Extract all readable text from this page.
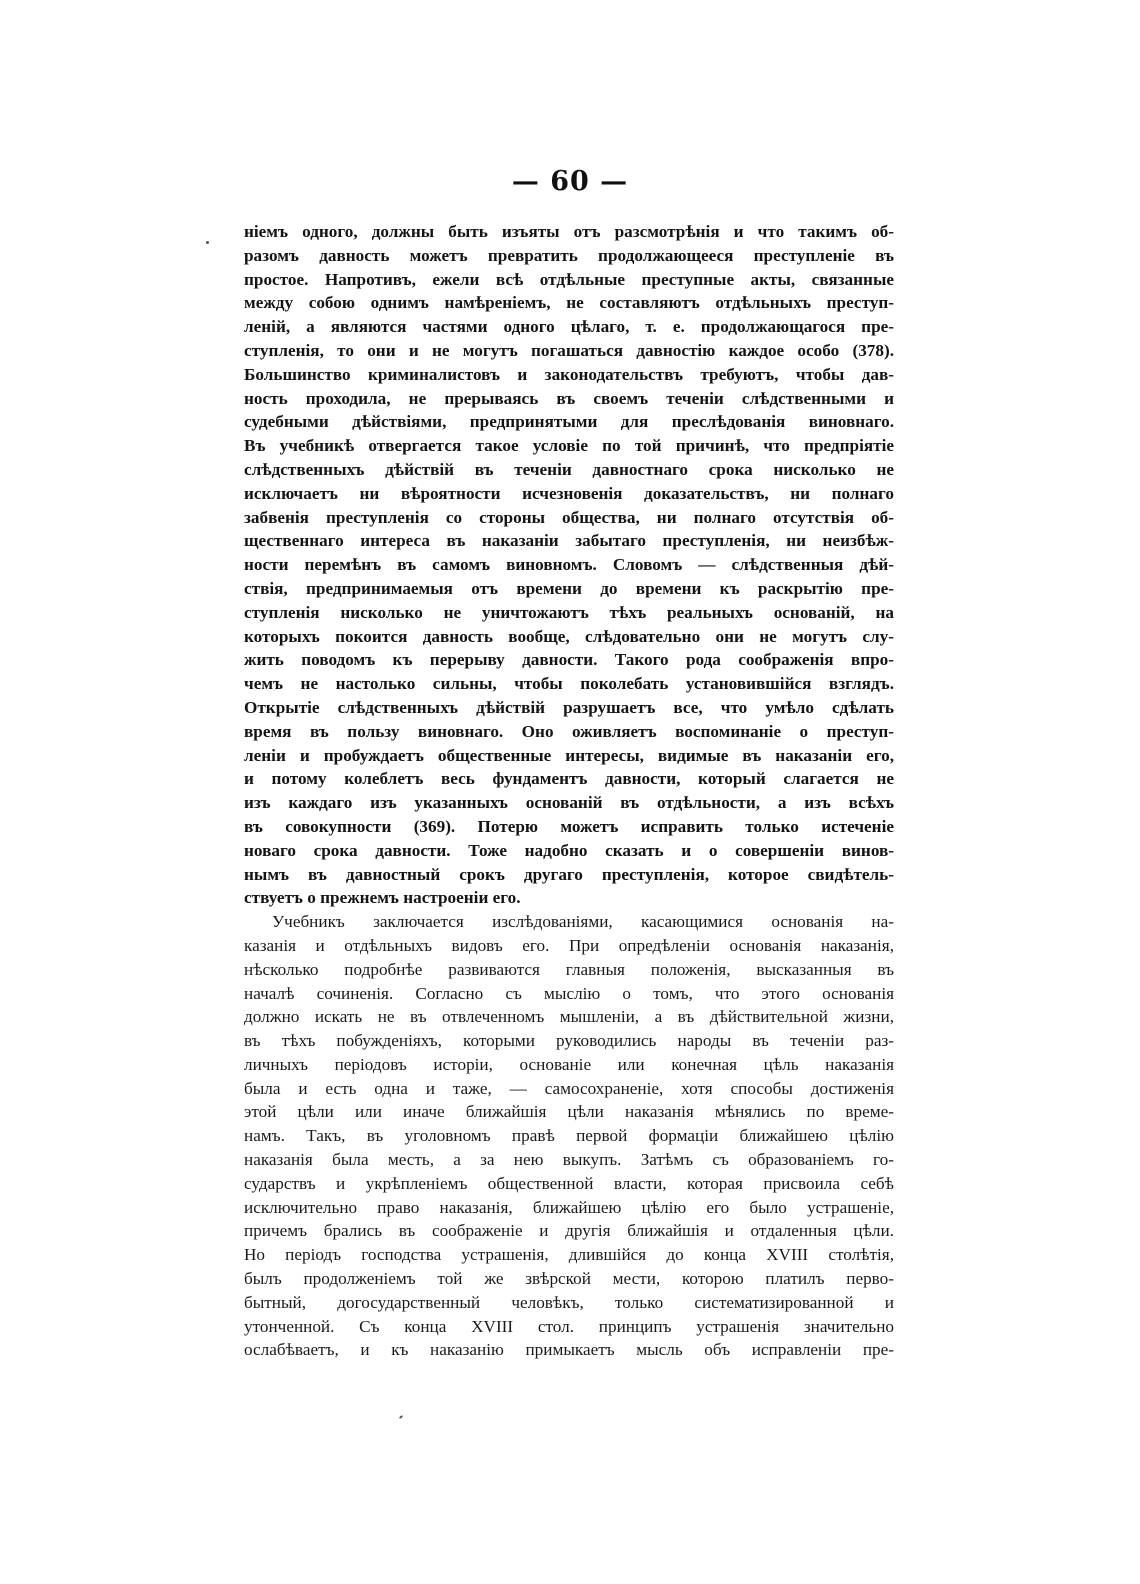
— 60 —
ніемъ одного, должны быть изъяты отъ разсмотрѣнія и что такимъ об-
разомъ давность можетъ превратить продолжающееся преступленіе въ
простое. Напротивъ, ежели всѣ отдѣльные преступные акты, связанные
между собою однимъ намѣреніемъ, не составляютъ отдѣльныхъ преступ-
леній, а являются частями одного цѣлаго, т. е. продолжающагося пре-
ступленія, то они и не могутъ погашаться давностію каждое особо (378).
Большинство криминалистовъ и законодательствъ требуютъ, чтобы дав-
ность проходила, не прерываясь въ своемъ теченіи слѣдственными и
судебными дѣйствіями, предпринятыми для преслѣдованія виновнаго.
Въ учебникѣ отвергается такое условіе по той причинѣ, что предпріятіе
слѣдственныхъ дѣйствій въ теченіи давностнаго срока нисколько не
исключаетъ ни вѣроятности исчезновенія доказательствъ, ни полнаго
забвенія преступленія со стороны общества, ни полнаго отсутствія об-
щественнаго интереса въ наказаніи забытаго преступленія, ни неизбѣж-
ности перемѣнъ въ самомъ виновномъ. Словомъ — слѣдственныя дѣй-
ствія, предпринимаемыя отъ времени до времени къ раскрытію пре-
ступленія нисколько не уничтожаютъ тѣхъ реальныхъ основаній, на
которыхъ покоится давность вообще, слѣдовательно они не могутъ слу-
жить поводомъ къ перерыву давности. Такого рода соображенія впро-
чемъ не настолько сильны, чтобы поколебать установившійся взглядъ.
Открытіе слѣдственныхъ дѣйствій разрушаетъ все, что умѣло сдѣлать
время въ пользу виновнаго. Оно оживляетъ воспоминаніе о преступ-
леніи и пробуждаетъ общественные интересы, видимые въ наказаніи его,
и потому колеблетъ весь фундаментъ давности, который слагается не
изъ каждаго изъ указанныхъ основаній въ отдѣльности, а изъ всѣхъ
въ совокупности (369). Потерю можетъ исправить только истеченіе
новаго срока давности. Тоже надобно сказать и о совершеніи винов-
нымъ въ давностный срокъ другаго преступленія, которое свидѣтель-
ствуетъ о прежнемъ настроеніи его.
Учебникъ заключается изслѣдованіями, касающимися основанія на-
казанія и отдѣльныхъ видовъ его. При опредѣленіи основанія наказанія,
нѣсколько подробнѣе развиваются главныя положенія, высказанныя въ
началѣ сочиненія. Согласно съ мыслію о томъ, что этого основанія
должно искать не въ отвлеченномъ мышленіи, а въ дѣйствительной жизни,
въ тѣхъ побужденіяхъ, которыми руководились народы въ теченіи раз-
личныхъ періодовъ исторіи, основаніе или конечная цѣль наказанія
была и есть одна и таже, — самосохраненіе, хотя способы достиженія
этой цѣли или иначе ближайшія цѣли наказанія мѣнялись по време-
намъ. Такъ, въ уголовномъ правѣ первой формаціи ближайшею цѣлію
наказанія была месть, а за нею выкупъ. Затѣмъ съ образованіемъ го-
сударствъ и укрѣпленіемъ общественной власти, которая присвоила себѣ
исключительно право наказанія, ближайшею цѣлію его было устрашеніе,
причемъ брались въ соображеніе и другія ближайшія и отдаленныя цѣли.
Но періодъ господства устрашенія, длившійся до конца XVIII столѣтія,
былъ продолженіемъ той же звѣрской мести, которою платилъ перво-
бытный, догосударственный человѣкъ, только систематизированной и
утонченной. Съ конца XVIII стол. принципъ устрашенія значительно
ослабѣваетъ, и къ наказанію примыкаетъ мысль объ исправленіи пре-
